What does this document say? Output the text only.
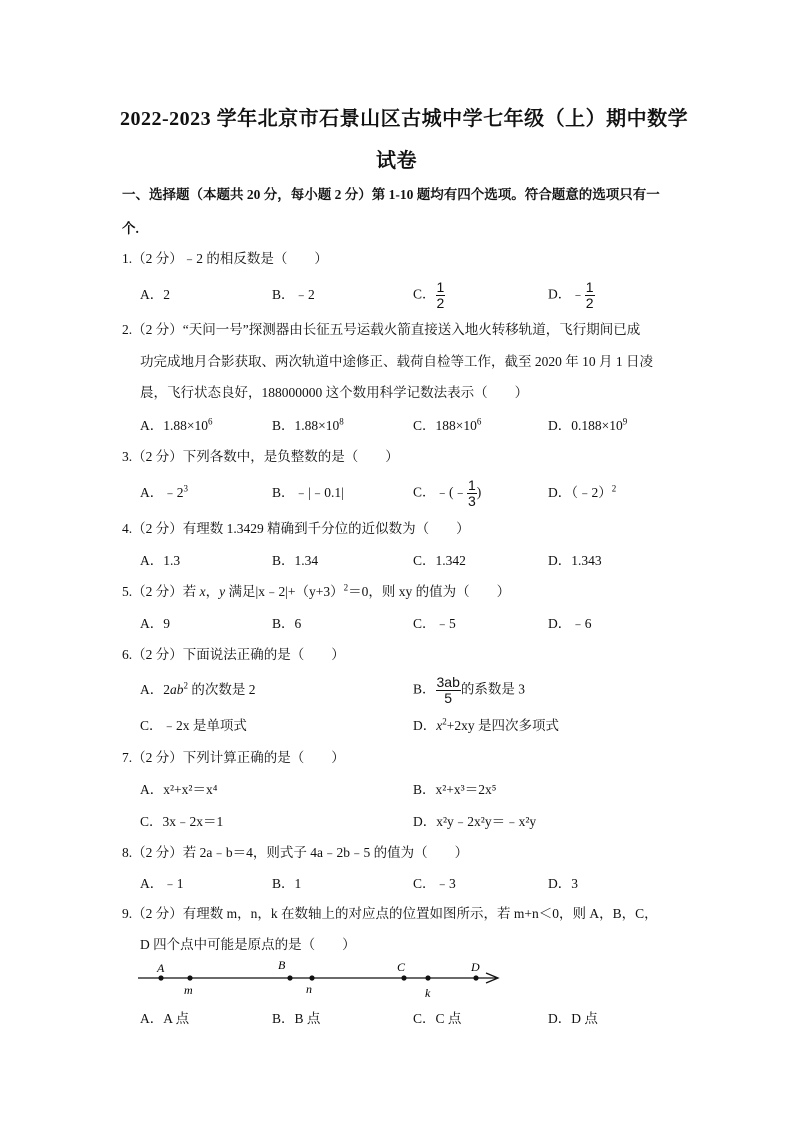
2022-2023 学年北京市石景山区古城中学七年级（上）期中数学
试卷
一、选择题（本题共 20 分，每小题 2 分）第 1-10 题均有四个选项。符合题意的选项只有一
个.
1.（2 分）﹣2 的相反数是（　　）
A．2	B．﹣2	C． $\frac{1}{2}$	D．﹣ $\frac{1}{2}$
2.（2 分）“天问一号”探测器由长征五号运载火箭直接送入地火转移轨道，飞行期间已成
功完成地月合影获取、两次轨道中途修正、载荷自检等工作，截至 2020 年 10 月 1 日凌
晨，飞行状态良好，188000000 这个数用科学记数法表示（　　）
A．$1.88\times 10^6$	B．$1.88\times 10^8$	C．$188\times 10^6$	D．$0.188\times 10^9$
3.（2 分）下列各数中，是负整数的是（　　）
A．$﹣2^3$	B．﹣|﹣0.1|	C．﹣(﹣ $\frac{1}{3}$ )	D．（﹣2）$^2$
4.（2 分）有理数 1.3429 精确到千分位的近似数为（　　）
A．1.3	B．1.34	C．1.342	D．1.343
5.（2 分）若 x，y 满足$|x﹣2|+(y+3)^2=0$，则 xy 的值为（　　）
A．9	B．6	C．﹣5	D．﹣6
6.（2 分）下面说法正确的是（　　）
A．$2ab^2$ 的次数是 2	B． $\frac{3ab}{5}$ 的系数是 3
C．﹣2x 是单项式	D．$x^2+2xy$ 是四次多项式
7.（2 分）下列计算正确的是（　　）
A．x²+x²＝x⁴	B．x²+x³＝2x⁵
C．3x﹣2x＝1	D．x²y﹣2x²y＝﹣x²y
8.（2 分）若 2a﹣b＝4，则式子 4a﹣2b﹣5 的值为（　　）
A．﹣1	B．1	C．﹣3	D．3
9.（2 分）有理数 m，n，k 在数轴上的对应点的位置如图所示，若 m+n＜0，则 A，B，C，
D 四个点中可能是原点的是（　　）
A
m
B
n
C
k
D
A．A 点	B．B 点	C．C 点	D．D 点
